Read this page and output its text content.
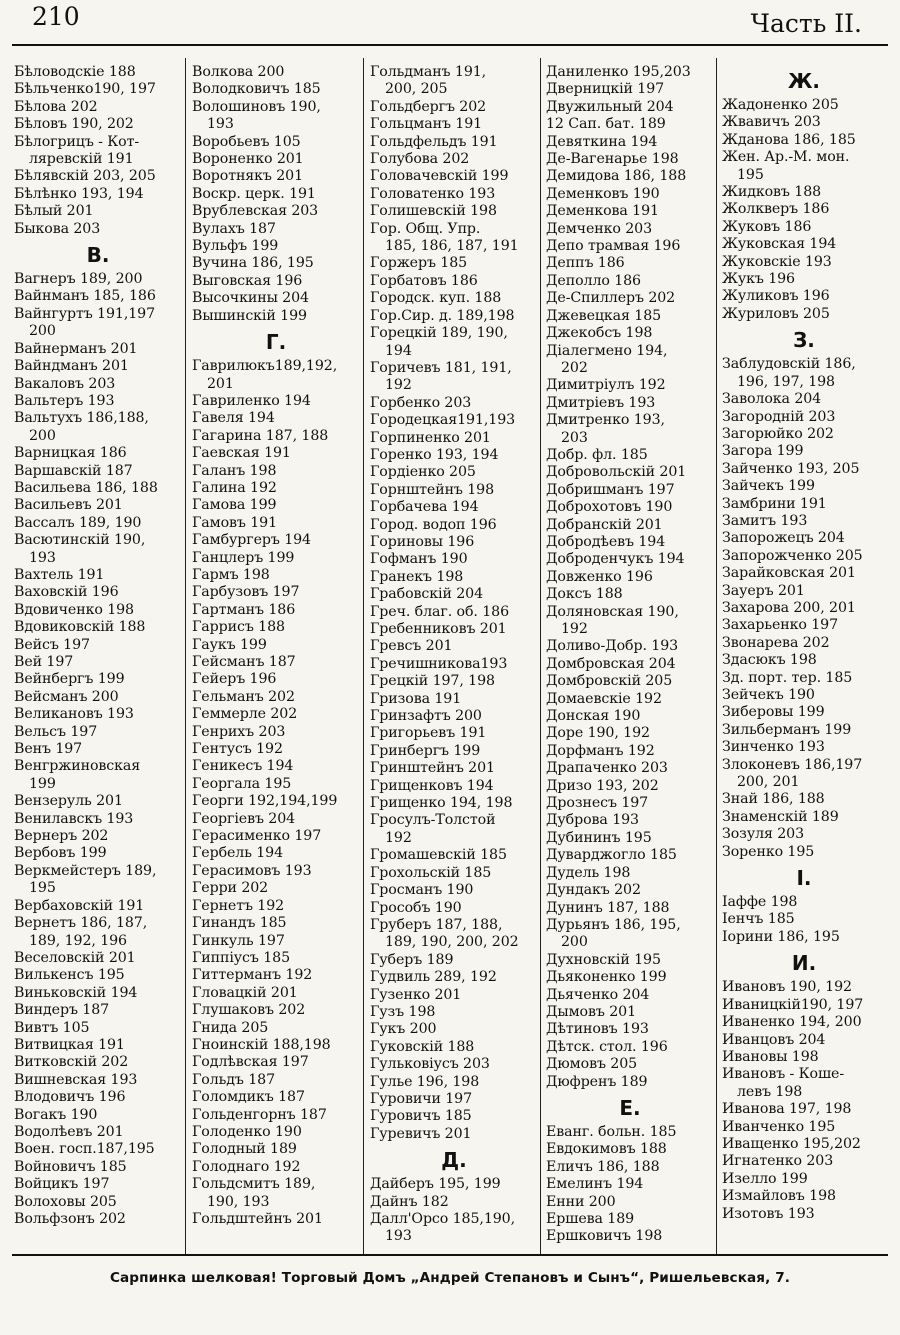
210	Часть II.
Бѣловодскіе 188
Бѣльченко190, 197
Бѣлова 202
Бѣловъ 190, 202
Бѣлогрицъ - Кот-
ляревскій 191
Бѣлявскій 203, 205
Бѣлѣнко 193, 194
Бѣлый 201
Быкова 203
В.
Вагнеръ 189, 200
Вайнманъ 185, 186
Вайнгуртъ 191,197
200
Вайнерманъ 201
Вайндманъ 201
Вакаловъ 203
Вальтеръ 193
Вальтухъ 186,188,
200
Варницкая 186
Варшавскій 187
Васильева 186, 188
Васильевъ 201
Вассалъ 189, 190
Васютинскій 190,
193
Вахтель 191
Ваховскій 196
Вдовиченко 198
Вдовиковскій 188
Вейсъ 197
Вей 197
Вейнбергъ 199
Вейсманъ 200
Великановъ 193
Вельсъ 197
Венъ 197
Венгржиновская
199
Вензеруль 201
Венилавскъ 193
Вернеръ 202
Вербовъ 199
Веркмейстеръ 189,
195
Вербаховскій 191
Вернетъ 186, 187,
189, 192, 196
Веселовскій 201
Вилькенсъ 195
Виньковскій 194
Виндеръ 187
Вивтъ 105
Витвицкая 191
Витковскій 202
Вишневская 193
Влодовичъ 196
Вогакъ 190
Водолѣевъ 201
Воен. госп.187,195
Войновичъ 185
Войцикъ 197
Волоховы 205
Вольфзонъ 202
Волкова 200
Володковичъ 185
Волошиновъ 190,
193
Воробьевъ 105
Вороненко 201
Воротнякъ 201
Воскр. церк. 191
Врублевская 203
Вулахъ 187
Вульфъ 199
Вучина 186, 195
Выговская 196
Высочкины 204
Вышинскій 199
Г.
Гаврилюкъ189,192,
201
Гавриленко 194
Гавеля 194
Гагарина 187, 188
Гаевская 191
Галанъ 198
Галина 192
Гамова 199
Гамовъ 191
Гамбургеръ 194
Ганцлеръ 199
Гармъ 198
Гарбузовъ 197
Гартманъ 186
Гаррисъ 188
Гаукъ 199
Гейсманъ 187
Гейеръ 196
Гельманъ 202
Геммерле 202
Генрихъ 203
Гентусъ 192
Геникесъ 194
Георгала 195
Георги 192,194,199
Георгіевъ 204
Герасименко 197
Гербель 194
Герасимовъ 193
Герри 202
Гернетъ 192
Гинандъ 185
Гинкуль 197
Гиппіусъ 185
Гиттерманъ 192
Гловацкій 201
Глушаковъ 202
Гнида 205
Гноинскій 188,198
Годлѣвская 197
Гольдъ 187
Голомдикъ 187
Гольденгорнъ 187
Голоденко 190
Голодный 189
Голоднаго 192
Гольдсмитъ 189,
190, 193
Гольдштейнъ 201
Гольдманъ 191,
200, 205
Гольдбергъ 202
Гольцманъ 191
Гольдфельдъ 191
Голубова 202
Головачевскій 199
Головатенко 193
Голишевскій 198
Гор. Общ. Упр.
185, 186, 187, 191
Горжеръ 185
Горбатовъ 186
Городск. куп. 188
Гор.Сир. д. 189,198
Горецкій 189, 190,
194
Горичевъ 181, 191,
192
Горбенко 203
Городецкая191,193
Горпиненко 201
Горенко 193, 194
Гордіенко 205
Горнштейнъ 198
Горбачева 194
Город. водоп 196
Гориновы 196
Гофманъ 190
Гранекъ 198
Грабовскій 204
Греч. благ. об. 186
Гребенниковъ 201
Гревсъ 201
Гречишникова193
Грецкій 197, 198
Гризова 191
Гринзафтъ 200
Григорьевъ 191
Гринбергъ 199
Гринштейнъ 201
Грищенковъ 194
Грищенко 194, 198
Гросулъ-Толстой
192
Громашевскій 185
Грохольскій 185
Гросманъ 190
Грособъ 190
Груберъ 187, 188,
189, 190, 200, 202
Губеръ 189
Гудвиль 289, 192
Гузенко 201
Гузъ 198
Гукъ 200
Гуковскій 188
Гульковіусъ 203
Гулье 196, 198
Гуровичи 197
Гуровичъ 185
Гуревичъ 201
Д.
Дайберъ 195, 199
Дайнъ 182
Далл'Орсо 185,190,
193
Даниленко 195,203
Дверницкій 197
Двужильный 204
12 Сап. бат. 189
Девяткина 194
Де-Вагенарье 198
Демидова 186, 188
Деменковъ 190
Деменкова 191
Демченко 203
Депо трамвая 196
Деппъ 186
Деполло 186
Де-Спиллеръ 202
Джевецкая 185
Джекобсъ 198
Діалегмено 194,
202
Димитріулъ 192
Дмитріевъ 193
Дмитренко 193,
203
Добр. фл. 185
Добровольскій 201
Добришманъ 197
Доброхотовъ 190
Добранскій 201
Добродѣевъ 194
Доброденчукъ 194
Довженко 196
Доксъ 188
Доляновская 190,
192
Доливо-Добр. 193
Домбровская 204
Домбровскій 205
Домаевскіе 192
Донская 190
Доре 190, 192
Дорфманъ 192
Драпаченко 203
Дризо 193, 202
Дрознесъ 197
Дуброва 193
Дубининъ 195
Дуварджогло 185
Дудель 198
Дундакъ 202
Дунинъ 187, 188
Дурьянъ 186, 195,
200
Духновскій 195
Дьяконенко 199
Дьяченко 204
Дымовъ 201
Дѣтиновъ 193
Дѣтск. стол. 196
Дюмовъ 205
Дюфренъ 189
Е.
Еванг. больн. 185
Евдокимовъ 188
Еличъ 186, 188
Емелинъ 194
Енни 200
Ершева 189
Ершковичъ 198
Ж.
Жадоненко 205
Жвавичъ 203
Жданова 186, 185
Жен. Ар.-М. мон.
195
Жидковъ 188
Жолкверъ 186
Жуковъ 186
Жуковская 194
Жуковскіе 193
Жукъ 196
Жуликовъ 196
Журиловъ 205
З.
Заблудовскій 186,
196, 197, 198
Заволока 204
Загородній 203
Загорюйко 202
Загора 199
Зайченко 193, 205
Зайчекъ 199
Замбрини 191
Замитъ 193
Запорожецъ 204
Запорожченко 205
Зарайковская 201
Зауеръ 201
Захарова 200, 201
Захарьенко 197
Звонарева 202
Здасюкъ 198
Зд. порт. тер. 185
Зейчекъ 190
Зиберовы 199
Зильберманъ 199
Зинченко 193
Злоконевъ 186,197
200, 201
Знай 186, 188
Знаменскій 189
Зозуля 203
Зоренко 195
І.
Іаффе 198
Іенчъ 185
Іорини 186, 195
И.
Ивановъ 190, 192
Иваницкій190, 197
Иваненко 194, 200
Иванцовъ 204
Ивановы 198
Ивановъ - Кошe-
левъ 198
Иванова 197, 198
Иванченко 195
Иващенко 195,202
Игнатенко 203
Изелло 199
Измайловъ 198
Изотовъ 193
Сарпинка шелковая! Торговый Домъ „Андрей Степановъ и Сынъ“, Ришельевская, 7.
